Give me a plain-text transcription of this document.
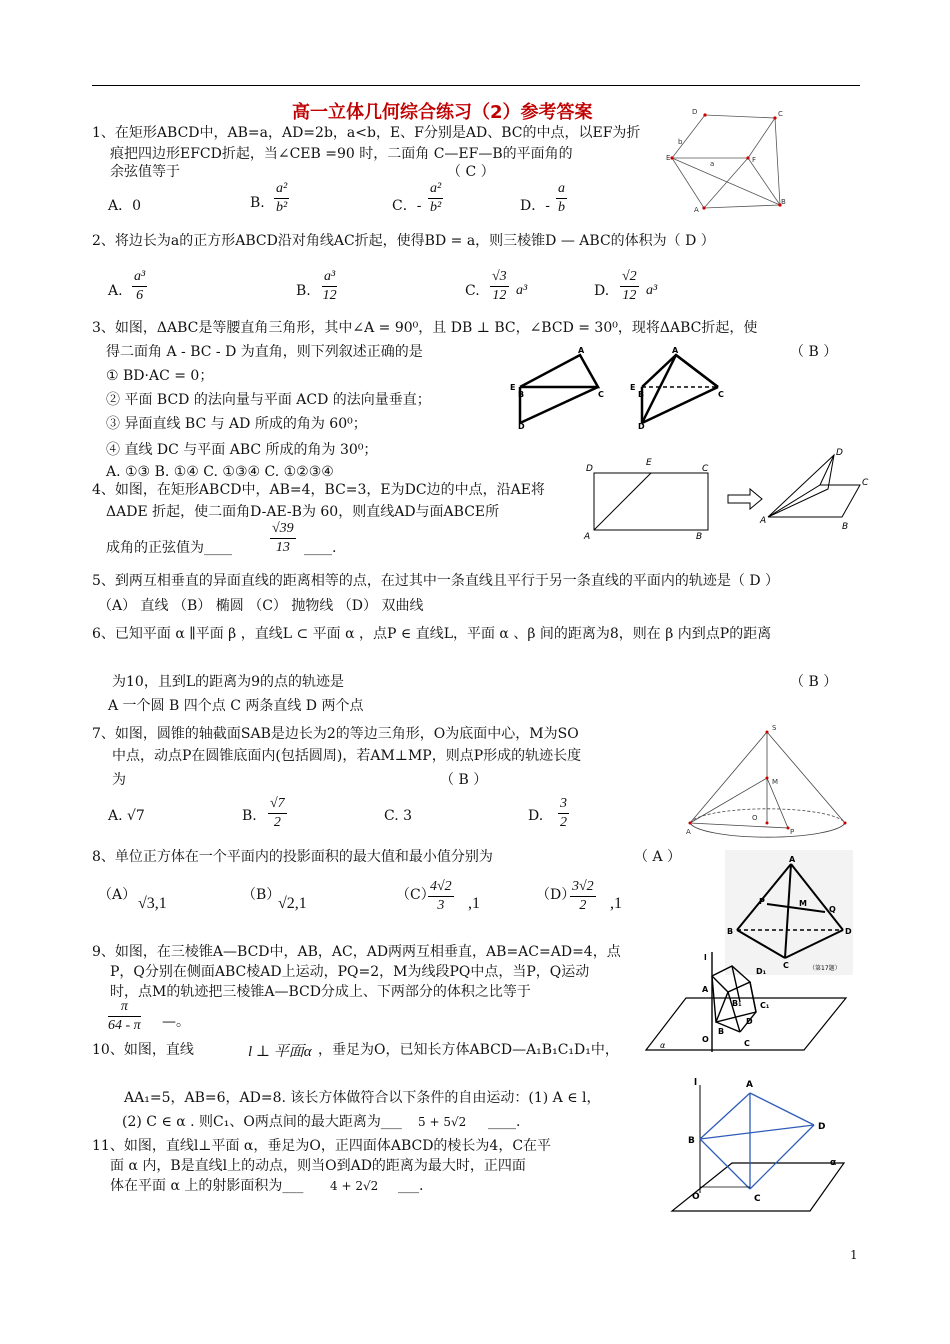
高一立体几何综合练习（2）参考答案
1、在矩形ABCD中，AB=a，AD=2b，a<b，E、F分别是AD、BC的中点，以EF为折
痕把四边形EFCD折起，当∠CEB =90 时，二面角 C—EF—B的平面角的
余弦值等于	（ C ）
A．0	B. $\frac{\text{a²}}{\text{b²}}$	C．- $\frac{\text{a²}}{\text{b²}}$	D．- $\frac{a}{b}$
D	C
b
E
a	F
A
B
2、将边长为a的正方形ABCD沿对角线AC折起，使得BD = a，则三棱锥D — ABC的体积为（ D ）
A. $\frac{\text{a³}}{6}$	B. $\frac{\text{a³}}{12}$	C. $\frac{√3}{12} a^3$	D. $\frac{√2}{12} a^3$
3、如图，ΔABC是等腰直角三角形，其中∠A = 90⁰，且 DB ⊥ BC，∠BCD = 30⁰，现将ΔABC折起，使
得二面角 A - BC - D 为直角，则下列叙述正确的是	（ B ）
① BD·AC = 0；
② 平面 BCD 的法向量与平面 ACD 的法向量垂直；
③ 异面直线 BC 与 AD 所成的角为 60⁰；
④ 直线 DC 与平面 ABC 所成的角为 30⁰；
A. ①③ B. ①④ C. ①③④ C. ①②③④
A
E
B	C
D
A
E
B	C
D
4、如图，在矩形ABCD中，AB=4，BC=3，E为DC边的中点，沿AE将
ΔADE 折起，使二面角D-AE-B为 60，则直线AD与面ABCE所
成角的正弦值为____	$\frac{√39}{13}$ ____.
D
E
C
A	B
D
C
A
B
5、到两互相垂直的异面直线的距离相等的点，在过其中一条直线且平行于另一条直线的平面内的轨迹是（ D ）
（A） 直线 （B） 椭圆 （C） 抛物线 （D） 双曲线
6、已知平面 α ∥平面 β ，直线L ⊂ 平面 α ，点P ∈ 直线L，平面 α 、β 间的距离为8，则在 β 内到点P的距离
为10，且到L的距离为9的点的轨迹是	（ B ）
A 一个圆 B 四个点 C 两条直线 D 两个点
7、如图，圆锥的轴截面SAB是边长为2的等边三角形，O为底面中心，M为SO
中点，动点P在圆锥底面内(包括圆周)，若AM⊥MP，则点P形成的轨迹长度
为	（ B ）
A. √7	B. $\frac{√7}{2}$	C. 3	D. $\frac{3}{2}$
S
M
O
A	P
8、单位正方体在一个平面内的投影面积的最大值和最小值分别为	（ A ）
（A） √3,1	（B）
√2,1	（C）
$\frac{4√2}{3} ,1$	（D）
$\frac{3√2}{2} ,1$
A
P	M
Q
B	D
C	（第17题）
9、如图，在三棱锥A—BCD中，AB，AC，AD两两互相垂直，AB=AC=AD=4，点
P，Q分别在侧面ABC棱AD上运动，PQ=2，M为线段PQ中点，当P，Q运动
时，点M的轨迹把三棱锥A—BCD分成上、下两部分的体积之比等于
$\frac{\pi}{64 - \pi}$ —。
10、如图，直线	l ⊥ 平面α ，垂足为O，已知长方体ABCD—A₁B₁C₁D₁中，
AA₁=5，AB=6，AD=8. 该长方体做符合以下条件的自由运动：(1) A ∈ l，
(2) C ∈ α . 则C₁、O两点间的最大距离为___ 5 + 5√2 ____.
l
D₁
A
B₁ C₁
D
B
O	C
α
11、如图，直线l⊥平面 α，垂足为O，正四面体ABCD的棱长为4，C在平
面 α 内，B是直线l上的动点，则当O到AD的距离为最大时，正四面
体在平面 α 上的射影面积为___ 4 + 2√2 ___.
l	A
B
D
α
O	C
1
